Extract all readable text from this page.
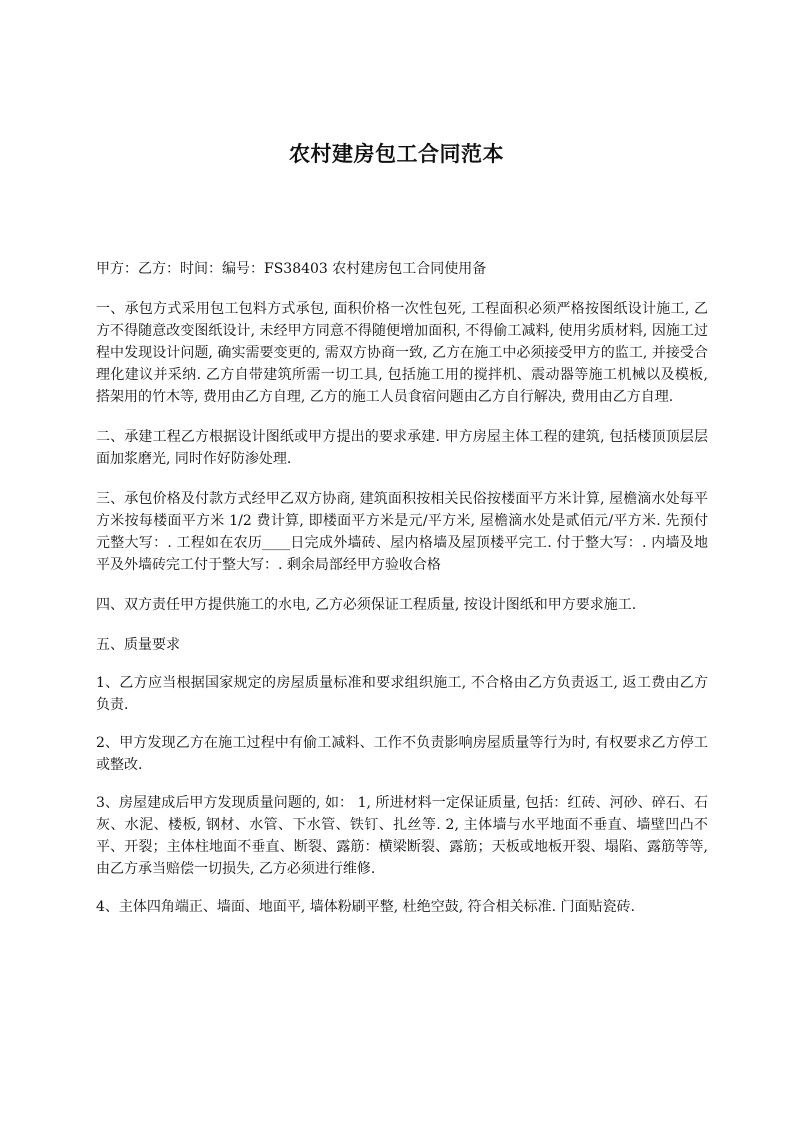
农村建房包工合同范本

甲方：乙方：时间：编号：FS38403 农村建房包工合同使用备

一、承包方式采用包工包料方式承包, 面积价格一次性包死, 工程面积必须严格按图纸设计施工, 乙方不得随意改变图纸设计, 未经甲方同意不得随便增加面积, 不得偷工减料, 使用劣质材料, 因施工过程中发现设计问题, 确实需要变更的, 需双方协商一致, 乙方在施工中必须接受甲方的监工, 并接受合理化建议并采纳. 乙方自带建筑所需一切工具, 包括施工用的搅拌机、震动器等施工机械以及模板, 搭架用的竹木等, 费用由乙方自理, 乙方的施工人员食宿问题由乙方自行解决, 费用由乙方自理.

二、承建工程乙方根据设计图纸或甲方提出的要求承建. 甲方房屋主体工程的建筑, 包括楼顶顶层层面加浆磨光, 同时作好防渗处理.

三、承包价格及付款方式经甲乙双方协商, 建筑面积按相关民俗按楼面平方米计算, 屋檐滴水处每平方米按每楼面平方米 1/2 费计算, 即楼面平方米是元/平方米, 屋檐滴水处是贰佰元/平方米. 先预付元整大写：. 工程如在农历____日完成外墙砖、屋内格墙及屋顶楼平完工. 付于整大写：. 内墙及地平及外墙砖完工付于整大写：. 剩余局部经甲方验收合格

四、双方责任甲方提供施工的水电, 乙方必须保证工程质量, 按设计图纸和甲方要求施工.

五、质量要求

1、乙方应当根据国家规定的房屋质量标准和要求组织施工, 不合格由乙方负责返工, 返工费由乙方负责.

2、甲方发现乙方在施工过程中有偷工减料、工作不负责影响房屋质量等行为时, 有权要求乙方停工或整改.

3、房屋建成后甲方发现质量问题的, 如： 1, 所进材料一定保证质量, 包括：红砖、河砂、碎石、石灰、水泥、楼板, 钢材、水管、下水管、铁钉、扎丝等. 2, 主体墙与水平地面不垂直、墙壁凹凸不平、开裂；主体柱地面不垂直、断裂、露筋：横梁断裂、露筋；天板或地板开裂、塌陷、露筋等等, 由乙方承当赔偿一切损失, 乙方必须进行维修.

4、主体四角端正、墙面、地面平, 墙体粉刷平整, 杜绝空鼓, 符合相关标准. 门面贴瓷砖.
